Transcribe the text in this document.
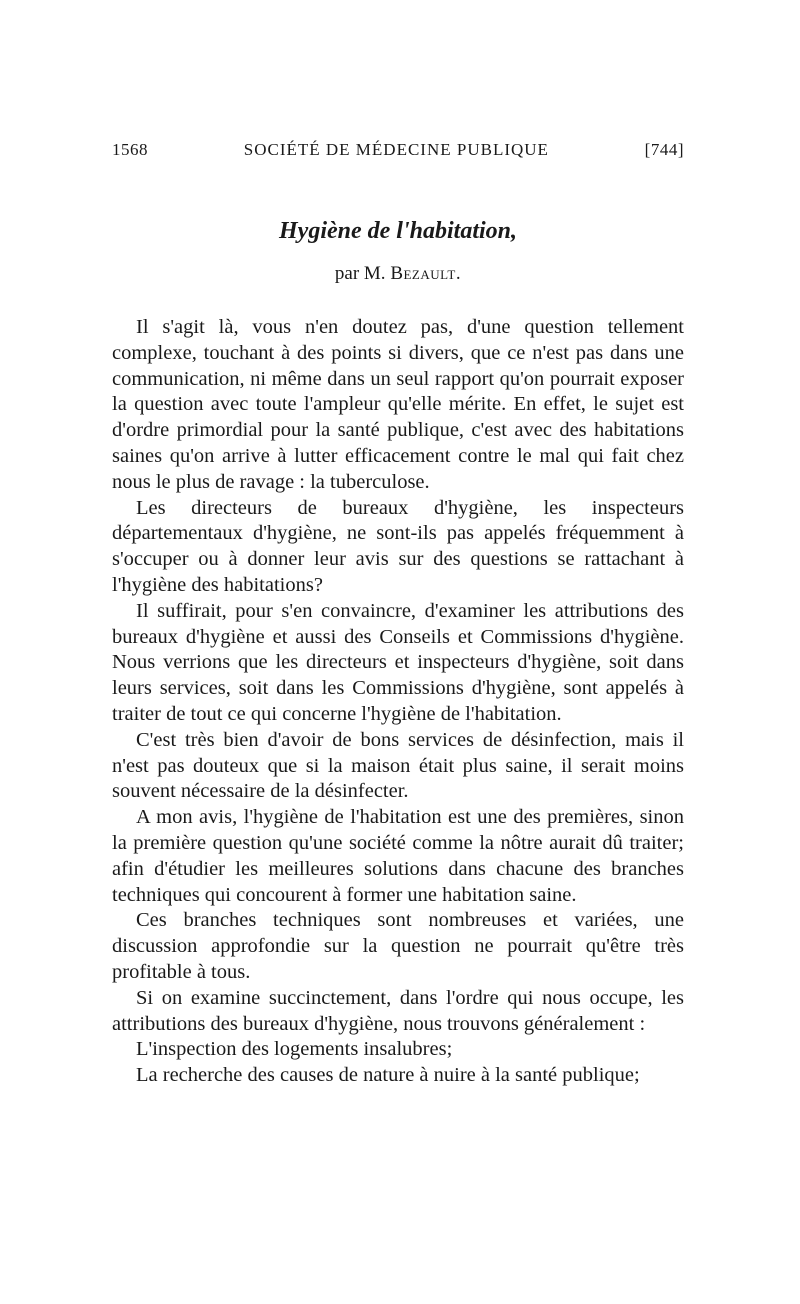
1568	SOCIÉTÉ DE MÉDECINE PUBLIQUE	[744]
Hygiène de l'habitation,
par M. Bezault.

Il s'agit là, vous n'en doutez pas, d'une question tellement complexe, touchant à des points si divers, que ce n'est pas dans une communication, ni même dans un seul rapport qu'on pourrait exposer la question avec toute l'ampleur qu'elle mérite. En effet, le sujet est d'ordre primordial pour la santé publique, c'est avec des habitations saines qu'on arrive à lutter efficacement contre le mal qui fait chez nous le plus de ravage : la tuberculose.

Les directeurs de bureaux d'hygiène, les inspecteurs départementaux d'hygiène, ne sont-ils pas appelés fréquemment à s'occuper ou à donner leur avis sur des questions se rattachant à l'hygiène des habitations?

Il suffirait, pour s'en convaincre, d'examiner les attributions des bureaux d'hygiène et aussi des Conseils et Commissions d'hygiène. Nous verrions que les directeurs et inspecteurs d'hygiène, soit dans leurs services, soit dans les Commissions d'hygiène, sont appelés à traiter de tout ce qui concerne l'hygiène de l'habitation.

C'est très bien d'avoir de bons services de désinfection, mais il n'est pas douteux que si la maison était plus saine, il serait moins souvent nécessaire de la désinfecter.

A mon avis, l'hygiène de l'habitation est une des premières, sinon la première question qu'une société comme la nôtre aurait dû traiter; afin d'étudier les meilleures solutions dans chacune des branches techniques qui concourent à former une habitation saine.

Ces branches techniques sont nombreuses et variées, une discussion approfondie sur la question ne pourrait qu'être très profitable à tous.

Si on examine succinctement, dans l'ordre qui nous occupe, les attributions des bureaux d'hygiène, nous trouvons généralement :

L'inspection des logements insalubres;

La recherche des causes de nature à nuire à la santé publique;
